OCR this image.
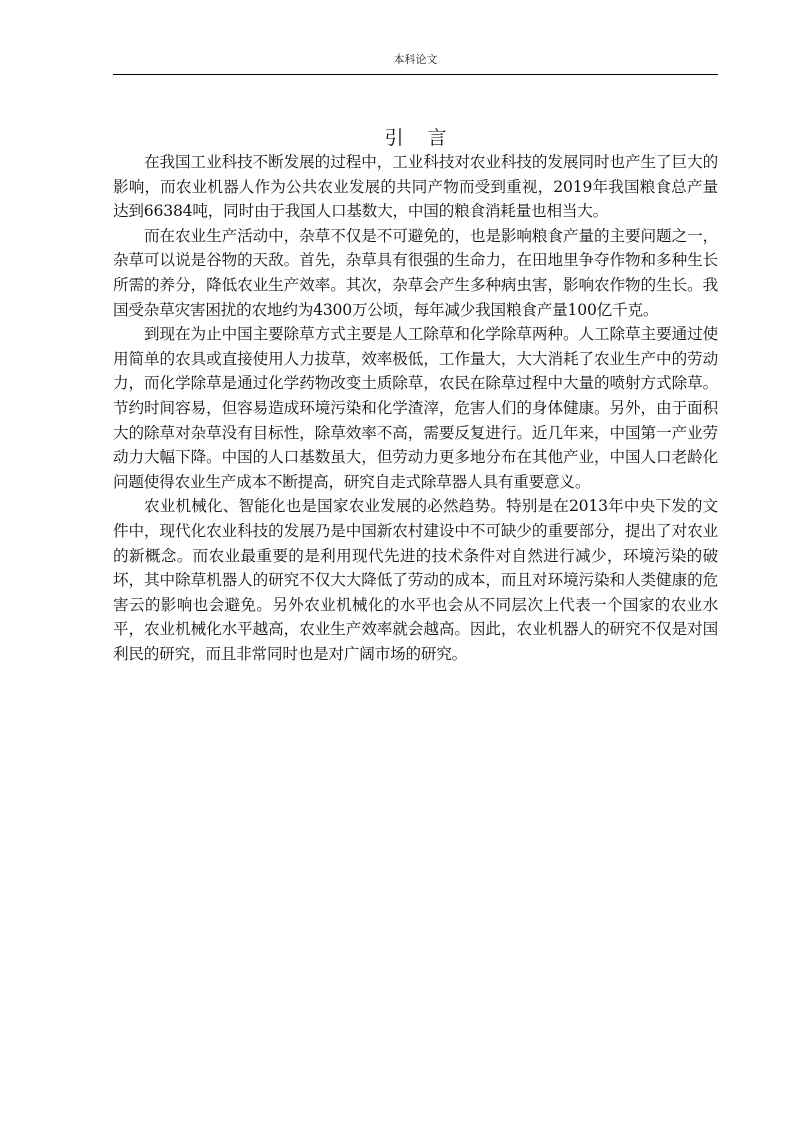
本科论文
引言

在我国工业科技不断发展的过程中，工业科技对农业科技的发展同时也产生了巨大的影响，而农业机器人作为公共农业发展的共同产物而受到重视，2019年我国粮食总产量达到66384吨，同时由于我国人口基数大，中国的粮食消耗量也相当大。

而在农业生产活动中，杂草不仅是不可避免的，也是影响粮食产量的主要问题之一，杂草可以说是谷物的天敌。首先，杂草具有很强的生命力，在田地里争夺作物和多种生长所需的养分，降低农业生产效率。其次，杂草会产生多种病虫害，影响农作物的生长。我国受杂草灾害困扰的农地约为4300万公顷，每年减少我国粮食产量100亿千克。

到现在为止中国主要除草方式主要是人工除草和化学除草两种。人工除草主要通过使用简单的农具或直接使用人力拔草，效率极低，工作量大，大大消耗了农业生产中的劳动力，而化学除草是通过化学药物改变土质除草，农民在除草过程中大量的喷射方式除草。节约时间容易，但容易造成环境污染和化学渣滓，危害人们的身体健康。另外，由于面积大的除草对杂草没有目标性，除草效率不高，需要反复进行。近几年来，中国第一产业劳动力大幅下降。中国的人口基数虽大，但劳动力更多地分布在其他产业，中国人口老龄化问题使得农业生产成本不断提高，研究自走式除草器人具有重要意义。

农业机械化、智能化也是国家农业发展的必然趋势。特别是在2013年中央下发的文件中，现代化农业科技的发展乃是中国新农村建设中不可缺少的重要部分，提出了对农业的新概念。而农业最重要的是利用现代先进的技术条件对自然进行减少，环境污染的破坏，其中除草机器人的研究不仅大大降低了劳动的成本，而且对环境污染和人类健康的危害云的影响也会避免。另外农业机械化的水平也会从不同层次上代表一个国家的农业水平，农业机械化水平越高，农业生产效率就会越高。因此，农业机器人的研究不仅是对国利民的研究，而且非常同时也是对广阔市场的研究。
